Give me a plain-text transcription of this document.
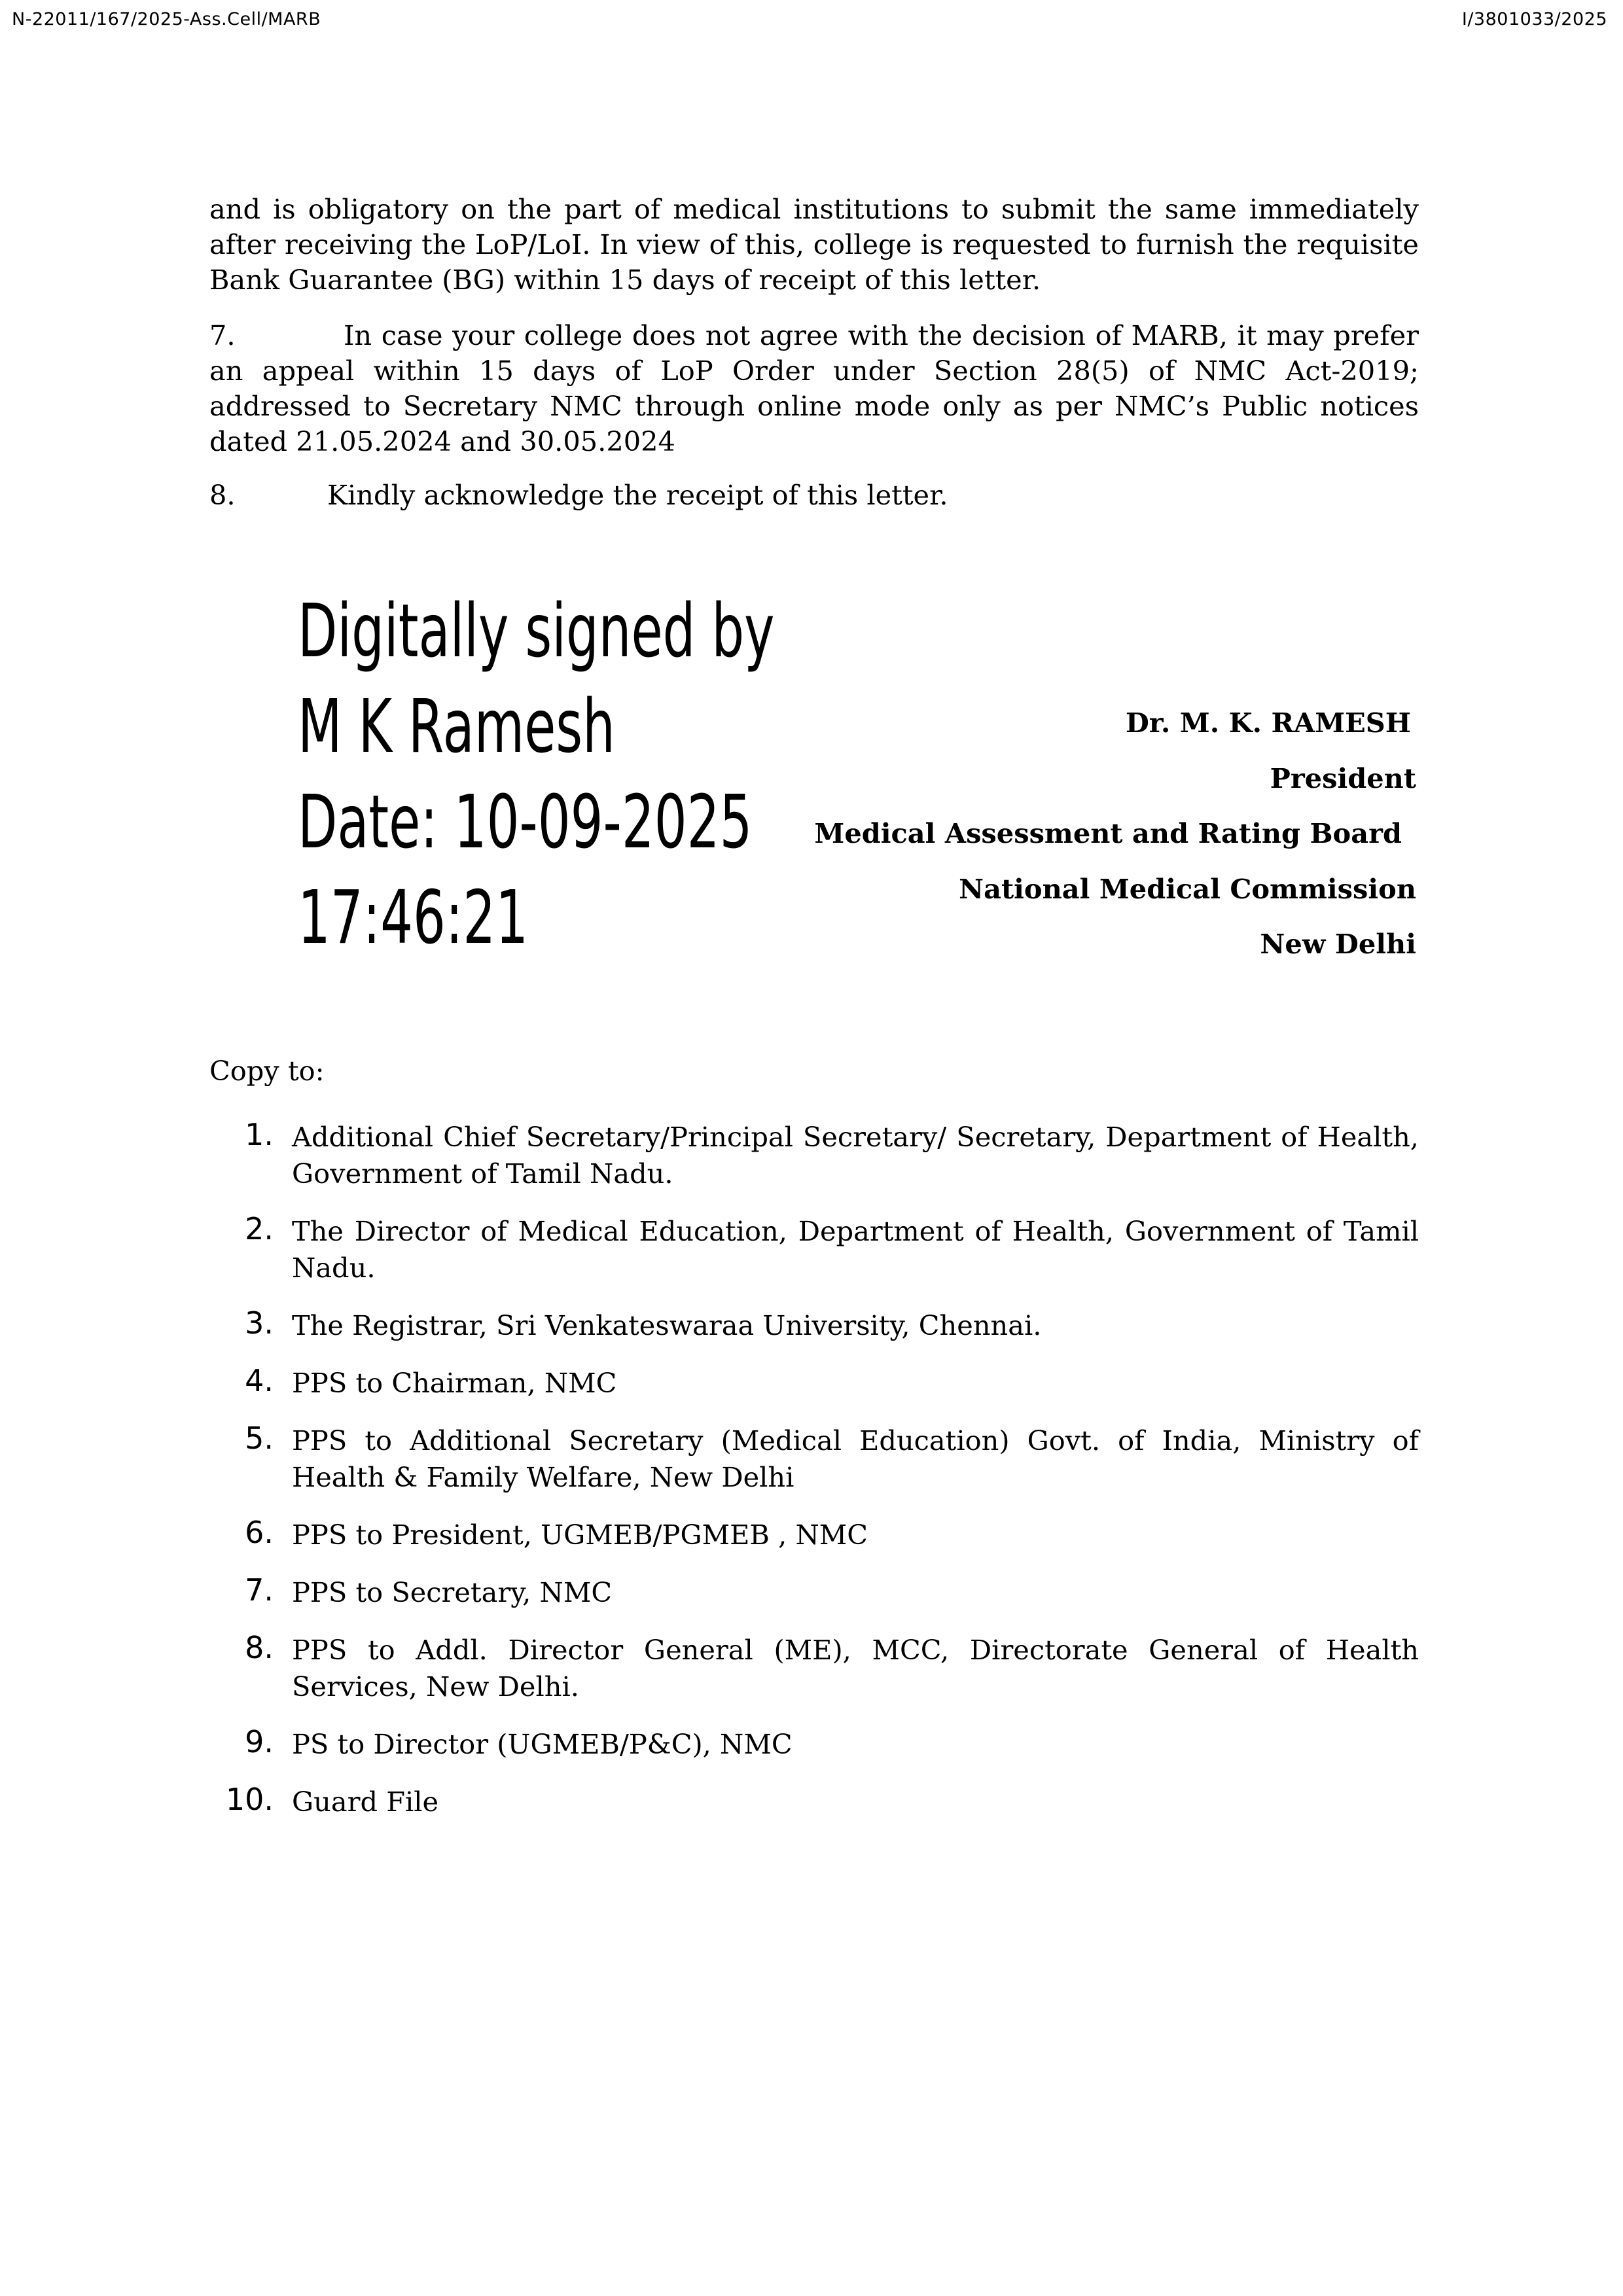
N-22011/167/2025-Ass.Cell/MARB	I/3801033/2025

and is obligatory on the part of medical institutions to submit the same immediately after receiving the LoP/LoI. In view of this, college is requested to furnish the requisite Bank Guarantee (BG) within 15 days of receipt of this letter.

7.	In case your college does not agree with the decision of MARB, it may prefer an appeal within 15 days of LoP Order under Section 28(5) of NMC Act-2019; addressed to Secretary NMC through online mode only as per NMC’s Public notices dated 21.05.2024 and 30.05.2024

8.	Kindly acknowledge the receipt of this letter.

Digitally signed by
M K Ramesh
Date: 10-09-2025
17:46:21
Dr. M. K. RAMESH
President
Medical Assessment and Rating Board
National Medical Commission
New Delhi
Copy to:
1. Additional Chief Secretary/Principal Secretary/ Secretary, Department of Health, Government of Tamil Nadu.
2. The Director of Medical Education, Department of Health, Government of Tamil Nadu.
3. The Registrar, Sri Venkateswaraa University, Chennai.
4. PPS to Chairman, NMC
5. PPS to Additional Secretary (Medical Education) Govt. of India, Ministry of Health & Family Welfare, New Delhi
6. PPS to President, UGMEB/PGMEB , NMC
7. PPS to Secretary, NMC
8. PPS to Addl. Director General (ME), MCC, Directorate General of Health Services, New Delhi.
9. PS to Director (UGMEB/P&C), NMC
10. Guard File
